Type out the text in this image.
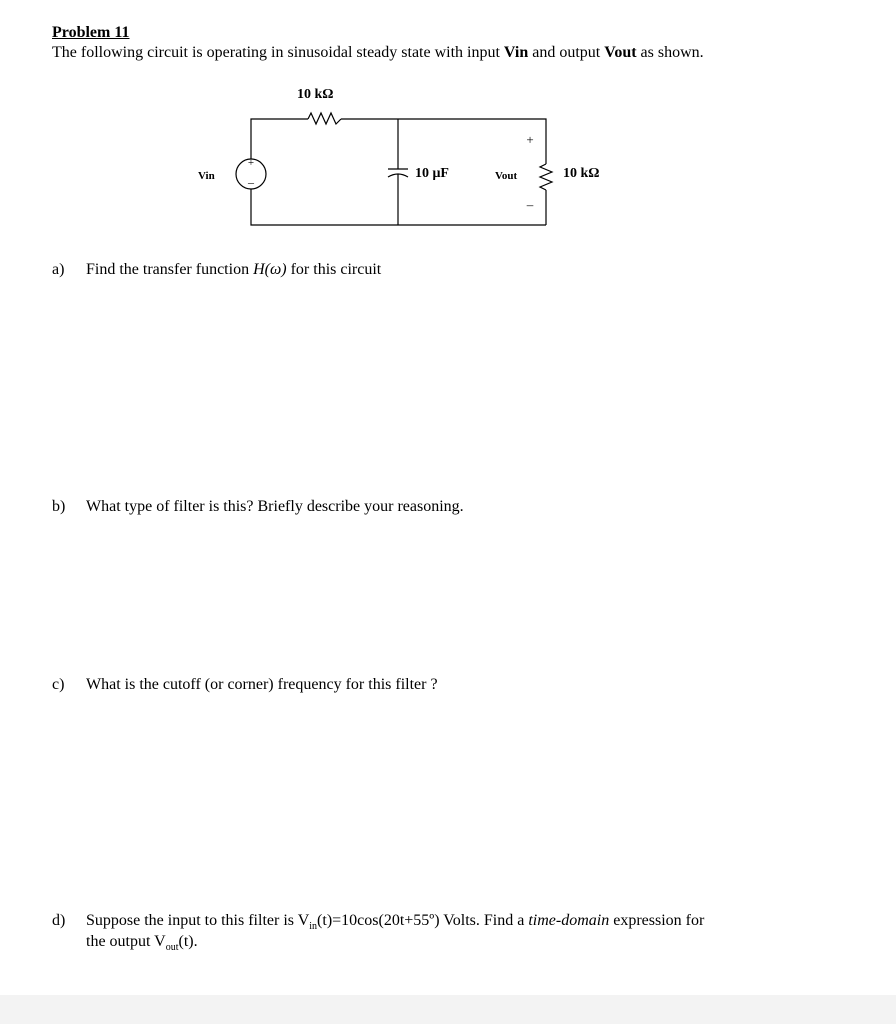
Problem 11
The following circuit is operating in sinusoidal steady state with input Vin and output Vout as shown.
+
–
10 kΩ
10 μF	10 kΩ
Vin	Vout
+
–
a) Find the transfer function H(ω) for this circuit
b) What type of filter is this? Briefly describe your reasoning.
c) What is the cutoff (or corner) frequency for this filter ?
d) Suppose the input to this filter is $V_{in}(t)=10\cos(20t+55º)$ Volts. Find a time-domain expression for
the output $V_{out}(t)$.
